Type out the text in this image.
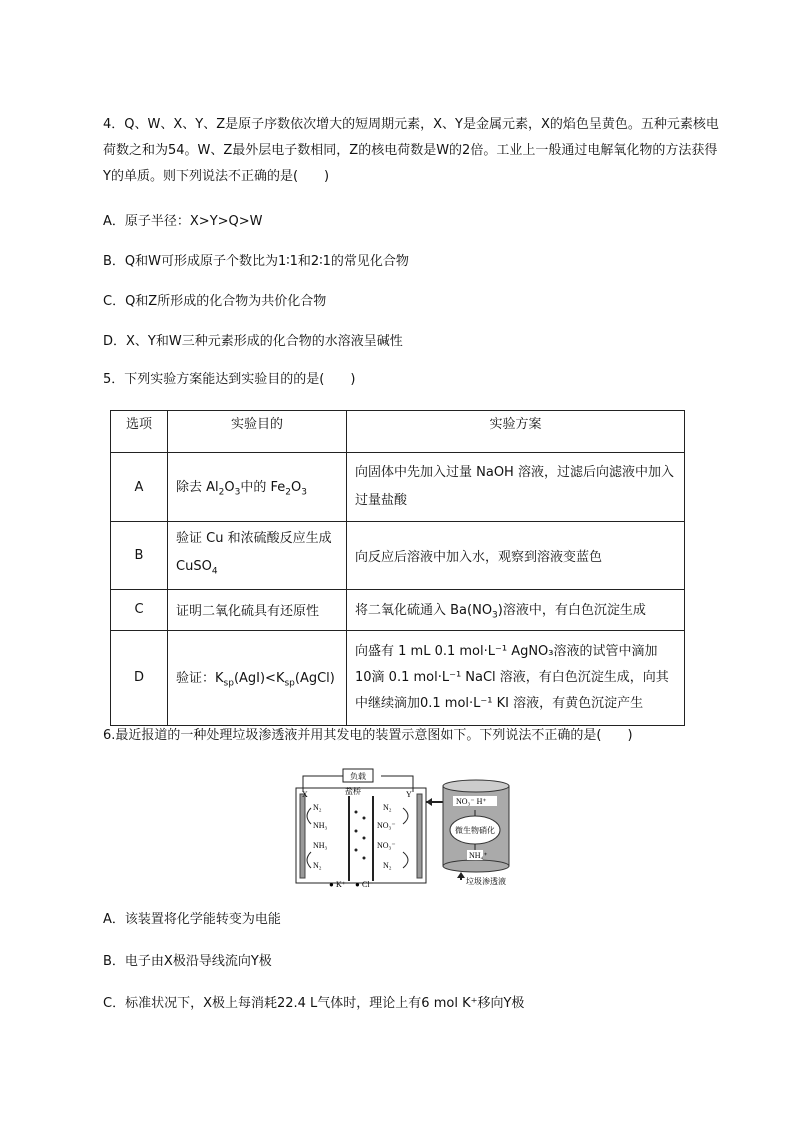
4．Q、W、X、Y、Z是原子序数依次增大的短周期元素，X、Y是金属元素，X的焰色呈黄色。五种元素核电荷数之和为54。W、Z最外层电子数相同，Z的核电荷数是W的2倍。工业上一般通过电解氧化物的方法获得Y的单质。则下列说法不正确的是(　　)

A．原子半径：X>Y>Q>W

B．Q和W可形成原子个数比为1∶1和2∶1的常见化合物

C．Q和Z所形成的化合物为共价化合物

D．X、Y和W三种元素形成的化合物的水溶液呈碱性

5．下列实验方案能达到实验目的的是(　　)

选项	实验目的	实验方案
A	除去 $Al_2O_3$中的 $Fe_2O_3$	向固体中先加入过量 NaOH 溶液，过滤后向滤液中加入过量盐酸
B	验证 Cu 和浓硫酸反应生成 CuSO$_4$	向反应后溶液中加入水，观察到溶液变蓝色
C	证明二氧化硫具有还原性	将二氧化硫通入 $Ba(NO_3)$溶液中，有白色沉淀生成
D	验证：$K_{sp}(AgI)<K_{sp}(AgCl)$	向盛有 1 mL 0.1 mol·L⁻¹ AgNO₃溶液的试管中滴加
10滴 0.1 mol·L⁻¹ NaCl 溶液，有白色沉淀生成，向其
中继续滴加0.1 mol·L⁻¹ KI 溶液，有黄色沉淀产生

6.最近报道的一种处理垃圾渗透液并用其发电的装置示意图如下。下列说法不正确的是(　　)

负载
X	Y
盐桥
N₂
NH₃
NH₃
N₂
N₂
NO₃⁻
NO₃⁻
N₂
● K⁺ ● Cl⁻
NO₃⁻ H⁺
微生物硝化
NH₄⁺
垃圾渗透液

A．该装置将化学能转变为电能

B．电子由X极沿导线流向Y极

C．标准状况下，X极上每消耗22.4 L气体时，理论上有6 mol K⁺移向Y极
